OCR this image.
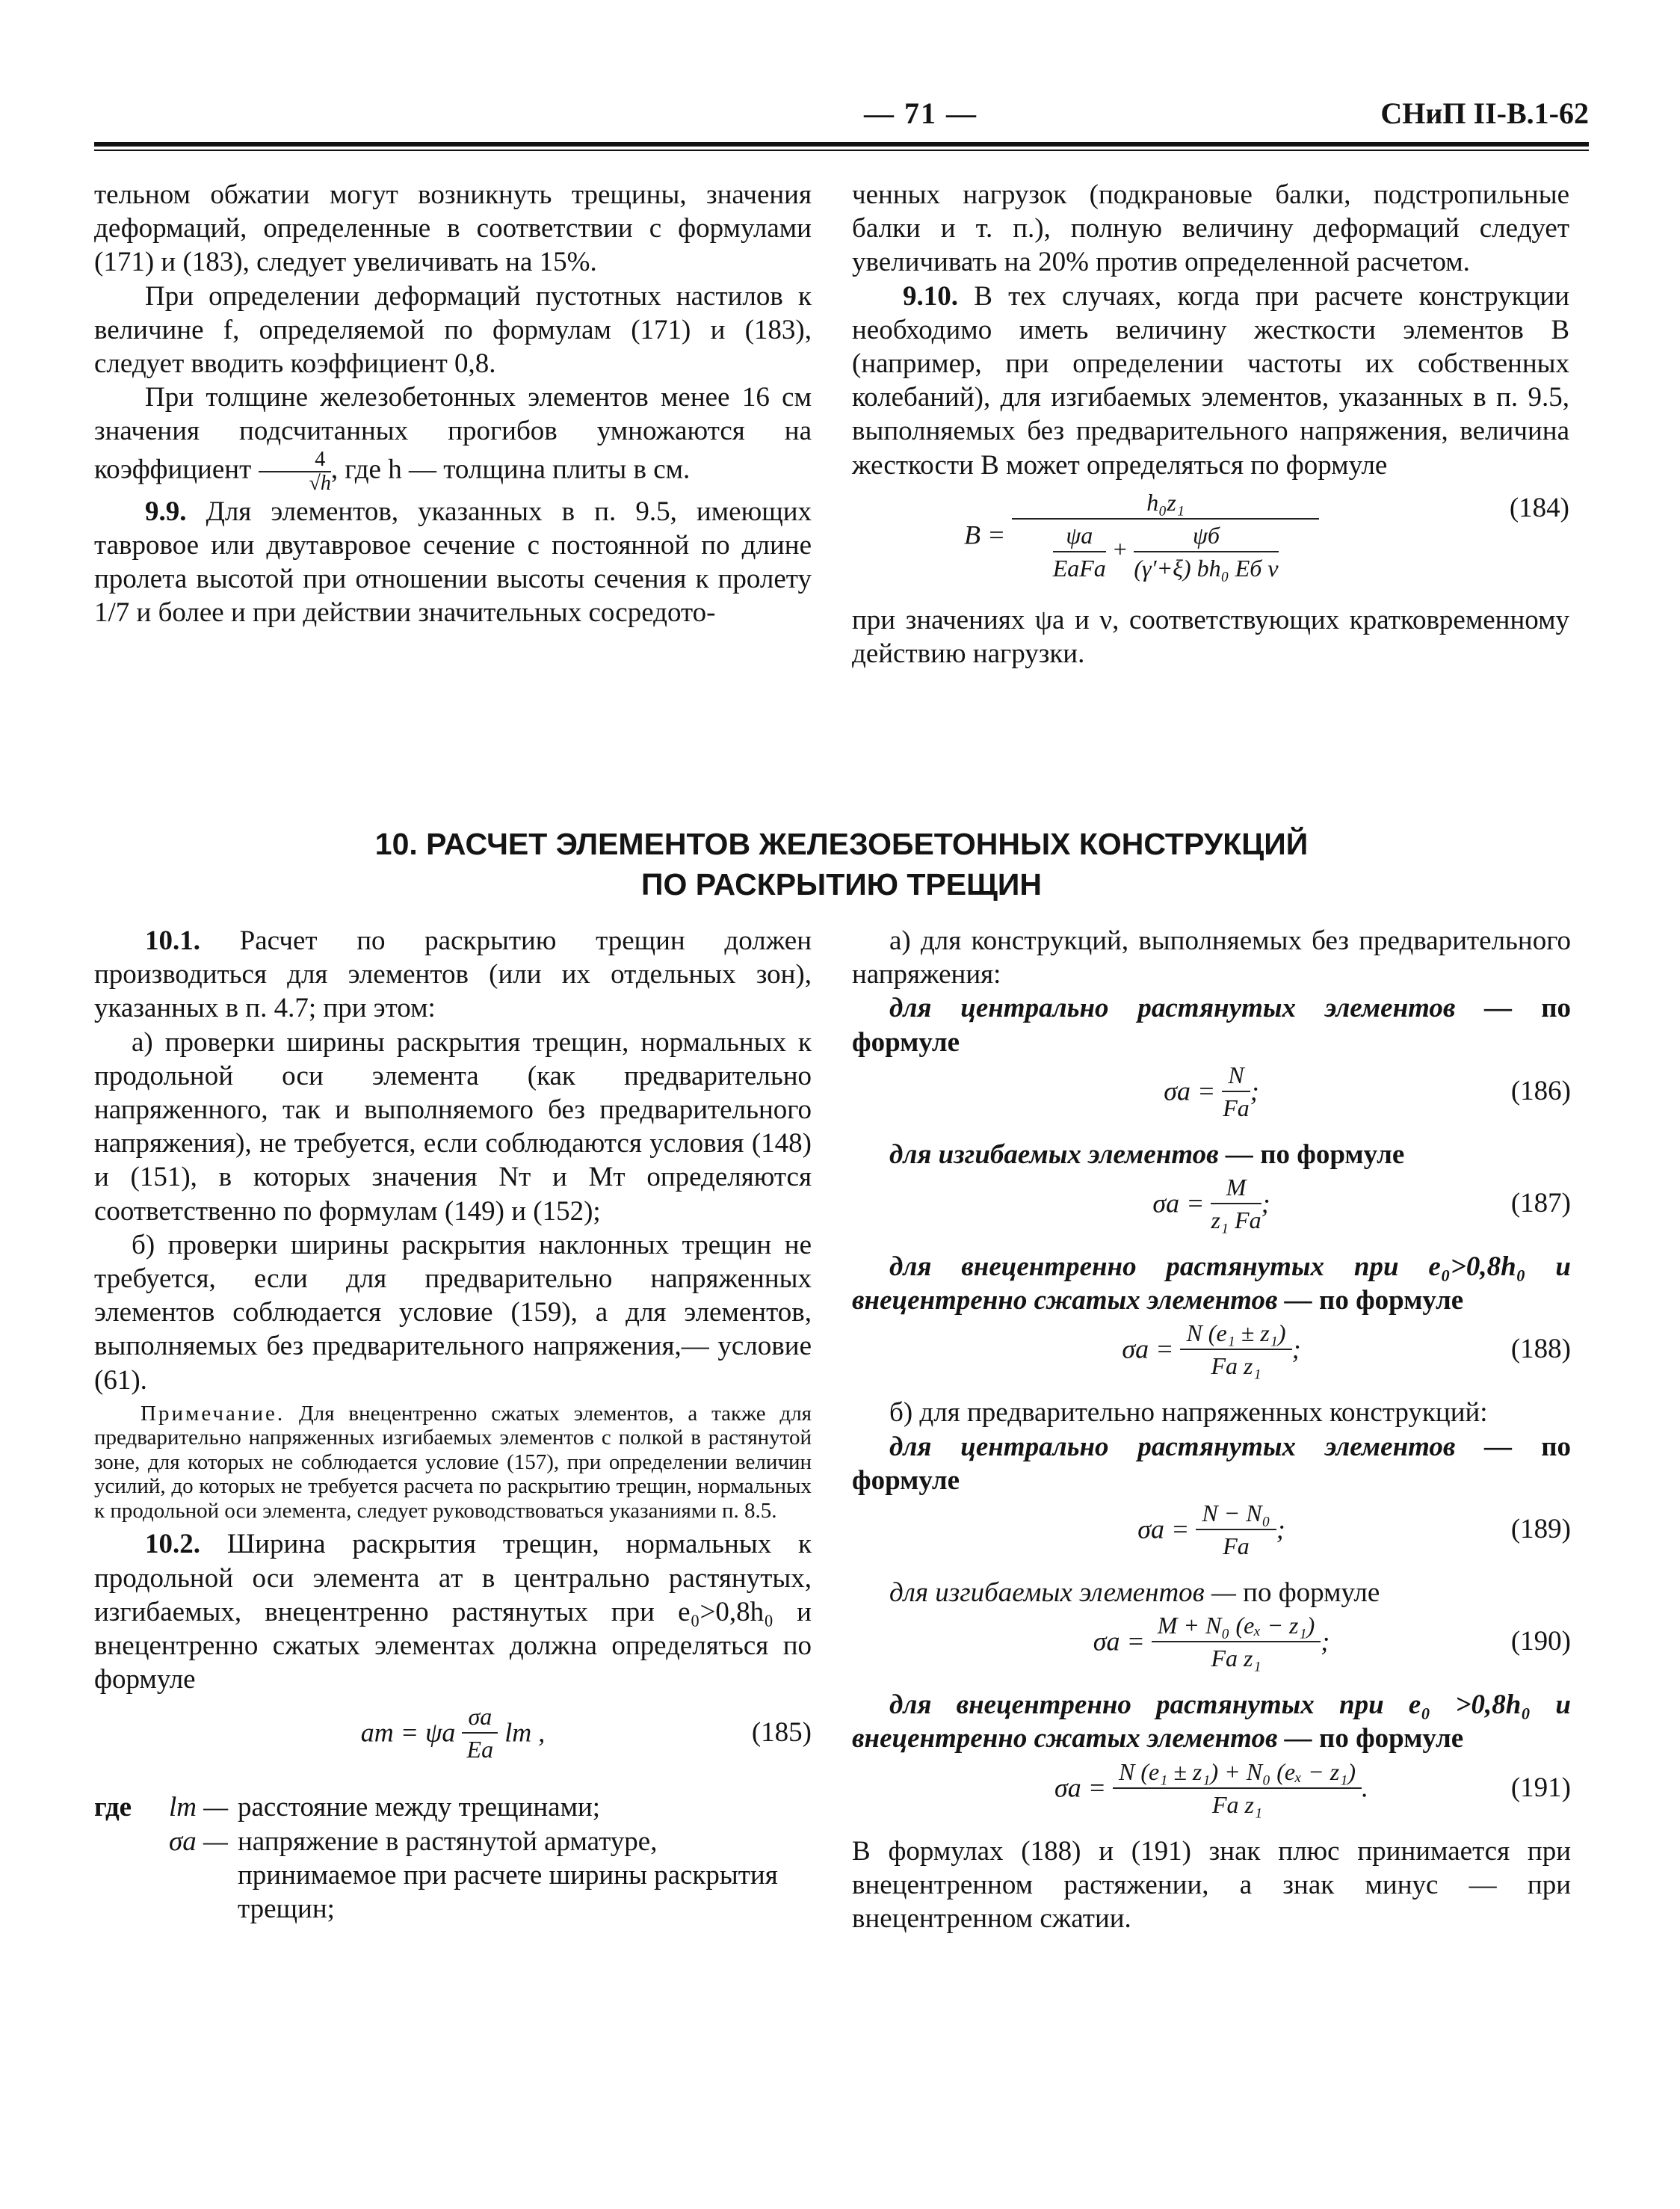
— 71 —	СНиП II-В.1-62

тельном обжатии могут возникнуть трещины, значения деформаций, определенные в соответствии с формулами (171) и (183), следует увеличивать на 15%.

При определении деформаций пустотных настилов к величине f, определяемой по формулам (171) и (183), следует вводить коэффициент 0,8.

При толщине железобетонных элементов менее 16 см значения подсчитанных прогибов умножаются на коэффициент $\frac{4}{√h}$ , где h — толщина плиты в см.

9.9. Для элементов, указанных в п. 9.5, имеющих тавровое или двутавровое сечение с постоянной по длине пролета высотой при отношении высоты сечения к пролету 1/7 и более и при действии значительных сосредото-

ченных нагрузок (подкрановые балки, подстропильные балки и т. п.), полную величину деформаций следует увеличивать на 20% против определенной расчетом.

9.10. В тех случаях, когда при расчете конструкции необходимо иметь величину жесткости элементов B (например, при определении частоты их собственных колебаний), для изгибаемых элементов, указанных в п. 9.5, выполняемых без предварительного напряжения, величина жесткости B может определяться по формуле

B =
h₀z₁
$\frac{\psi а}{\text{EаFа}} + \frac{\psi б}{\text{(γ′+ξ) bh₀ Eб ν}}$
(184)

при значениях ψа и ν, соответствующих кратковременному действию нагрузки.

10. РАСЧЕТ ЭЛЕМЕНТОВ ЖЕЛЕЗОБЕТОННЫХ КОНСТРУКЦИЙ
ПО РАСКРЫТИЮ ТРЕЩИН

10.1. Расчет по раскрытию трещин должен производиться для элементов (или их отдельных зон), указанных в п. 4.7; при этом:

а) проверки ширины раскрытия трещин, нормальных к продольной оси элемента (как предварительно напряженного, так и выполняемого без предварительного напряжения), не требуется, если соблюдаются условия (148) и (151), в которых значения Nт и Mт определяются соответственно по формулам (149) и (152);

б) проверки ширины раскрытия наклонных трещин не требуется, если для предварительно напряженных элементов соблюдается условие (159), а для элементов, выполняемых без предварительного напряжения,— условие (61).

Примечание. Для внецентренно сжатых элементов, а также для предварительно напряженных изгибаемых элементов с полкой в растянутой зоне, для которых не соблюдается условие (157), при определении величин усилий, до которых не требуется расчета по раскрытию трещин, нормальных к продольной оси элемента, следует руководствоваться указаниями п. 8.5.

10.2. Ширина раскрытия трещин, нормальных к продольной оси элемента aт в центрально растянутых, изгибаемых, внецентренно растянутых при e₀>0,8h₀ и внецентренно сжатых элементах должна определяться по формуле

aт = ψа $\frac{\sigma а}{Eа}$ lт ,	(185)
где lт — расстояние между трещинами;
σа — напряжение в растянутой арматуре, принимаемое при расчете ширины раскрытия трещин;

а) для конструкций, выполняемых без предварительного напряжения:

для центрально растянутых элементов — по формуле

$\sigma а = \frac{N}{Fа}$ ;	(186)

для изгибаемых элементов — по формуле

$\sigma а = \frac{M}{\text{z₁ Fа}}$ ;	(187)

для внецентренно растянутых при e₀>0,8h₀ и внецентренно сжатых элементов — по формуле

$\sigma а = \frac{\text{N (e₁ ± z₁)}}{\text{Fа z₁}}$ ;	(188)

б) для предварительно напряженных конструкций:

для центрально растянутых элементов — по формуле

$\sigma а = \frac{\text{N − N₀}}{Fа}$ ;	(189)

для изгибаемых элементов — по формуле

$\sigma а = \frac{\text{M + N₀ (eₓ − z₁)}}{\text{Fа z₁}}$ ;	(190)

для внецентренно растянутых при e₀ >0,8h₀ и внецентренно сжатых элементов — по формуле

$\sigma а = \frac{\text{N (e₁ ± z₁) + N₀ (eₓ − z₁)}}{\text{Fа z₁}}$ .	(191)

В формулах (188) и (191) знак плюс принимается при внецентренном растяжении, а знак минус — при внецентренном сжатии.
